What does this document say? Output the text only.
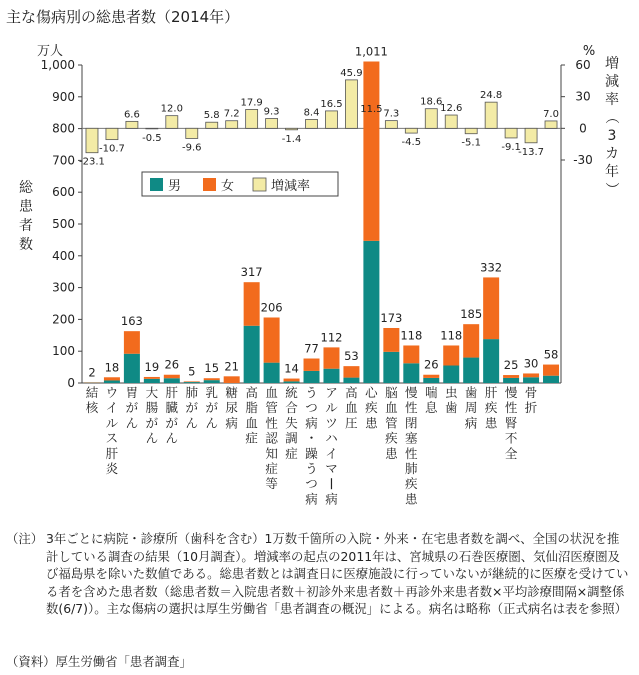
主な傷病別の総患者数（2014年）
0
100
200
300
400
500
600
700
800
900
1,000
万人
総
患
者
数
-30
0
30
60
%
増
減
率
（
3
カ
年
）
2 18
163
19 26 5 15 21
317
206
14
77
112
53
1,011
173
118
26
118
185
332
25 30
58
-23.1
-10.7
6.6
-0.5
12.0
-9.6
5.8 7.2
17.9
9.3
-1.4
8.4
16.5
45.9
11.5 7.3
-4.5
18.6
12.6
-5.1
24.8
-9.1
-13.7
7.0
結
核
ウ
イ
ル
ス
肝
炎
胃
が
ん
大
腸
が
ん
肝
臓
が
ん
肺
が
ん
乳
が
ん
糖
尿
病
高
脂
血
症
血
管
性
認
知
症
等
統
合
失
調
症
う
つ
病
・
躁
う
つ
病
ア
ル
ツ
ハ
イ
マ
病
高
血
圧
心
疾
患
脳
血
管
疾
患
慢
性
閉
塞
性
肺
疾
患
喘
息
虫
歯
歯
周
病
肝
疾
患
慢
性
腎
不
全
骨
折
男	女	増減率
（注） 3年ごとに病院・診療所（歯科を含む）1万数千箇所の入院・外来・在宅患者数を調べ、全国の状況を推計している調査の結果（10月調査）。増減率の起点の2011年は、宮城県の石巻医療圏、気仙沼医療圏及び福島県を除いた数値である。総患者数とは調査日に医療施設に行っていないが継続的に医療を受けている者を含めた患者数（総患者数＝入院患者数＋初診外来患者数＋再診外来患者数×平均診療間隔×調整係数(6/7)）。主な傷病の選択は厚生労働省「患者調査の概況」による。病名は略称（正式病名は表を参照）
（資料）厚生労働省「患者調査」
